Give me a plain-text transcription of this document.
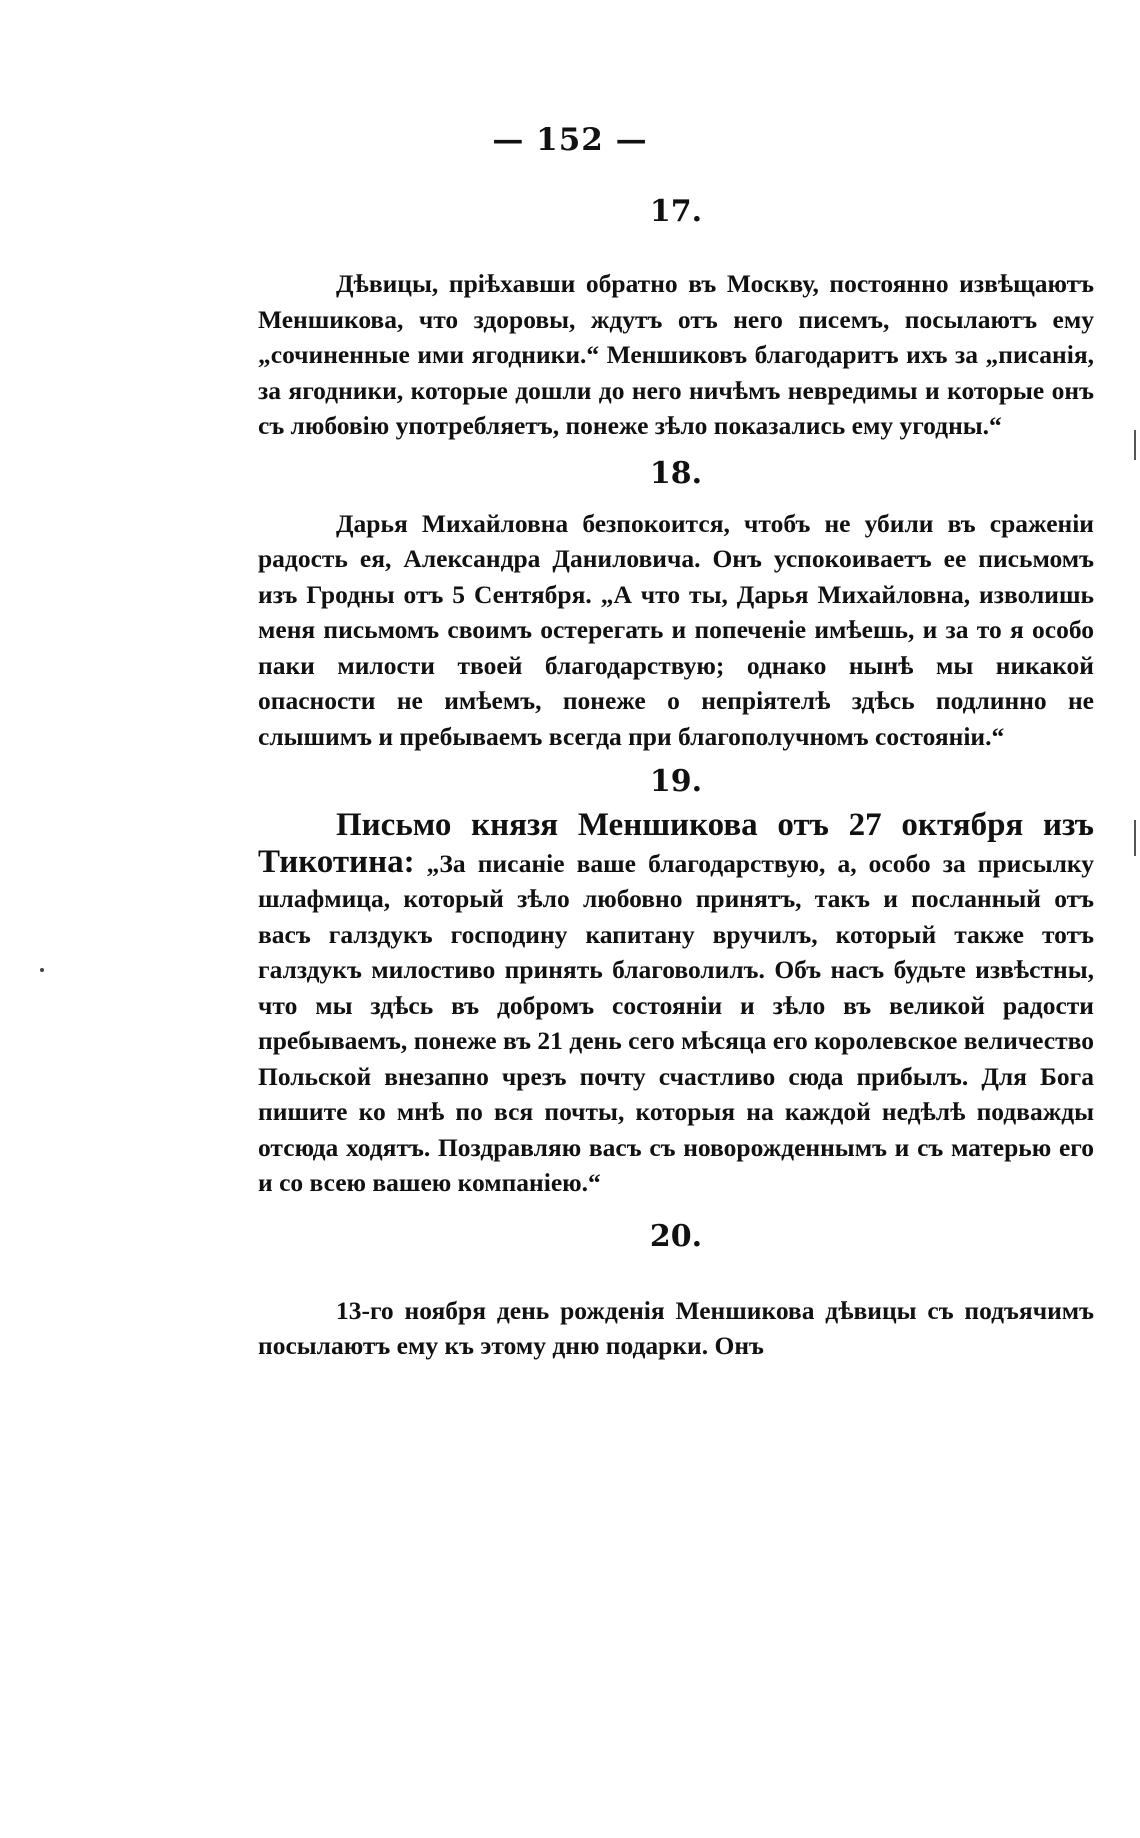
— 152 —

17.

Дѣвицы, пріѣхавши обратно въ Москву, постоянно извѣщаютъ Меншикова, что здоровы, ждутъ отъ него писемъ, посылаютъ ему „сочиненные ими ягодники.“ Меншиковъ благодаритъ ихъ за „писанія, за ягодники, которые дошли до него ничѣмъ невредимы и которые онъ съ любовію употребляетъ, понеже зѣло показались ему угодны.“

18.

Дарья Михайловна безпокоится, чтобъ не убили въ сраженіи радость ея, Александра Даниловича. Онъ успокоиваетъ ее письмомъ изъ Гродны отъ 5 Сентября. „А что ты, Дарья Михайловна, изволишь меня письмомъ своимъ остерегать и попеченіе имѣешь, и за то я особо паки милости твоей благодарствую; однако нынѣ мы никакой опасности не имѣемъ, понеже о непріятелѣ здѣсь подлинно не слышимъ и пребываемъ всегда при благополучномъ состояніи.“

19.

Письмо князя Меншикова отъ 27 октября изъ Тикотина: „За писаніе ваше благодарствую, а, особо за присылку шлафмица, который зѣло любовно принятъ, такъ и посланный отъ васъ галздукъ господину капитану вручилъ, который также тотъ галздукъ милостиво принять благоволилъ. Объ насъ будьте извѣстны, что мы здѣсь въ добромъ состояніи и зѣло въ великой радости пребываемъ, понеже въ 21 день сего мѣсяца его королевское величество Польской внезапно чрезъ почту счастливо сюда прибылъ. Для Бога пишите ко мнѣ по вся почты, которыя на каждой недѣлѣ подважды отсюда ходятъ. Поздравляю васъ съ новорожденнымъ и съ матерью его и со всею вашею компаніею.“

20.

13-го ноября день рожденія Меншикова дѣвицы съ подъячимъ посылаютъ ему къ этому дню подарки. Онъ
